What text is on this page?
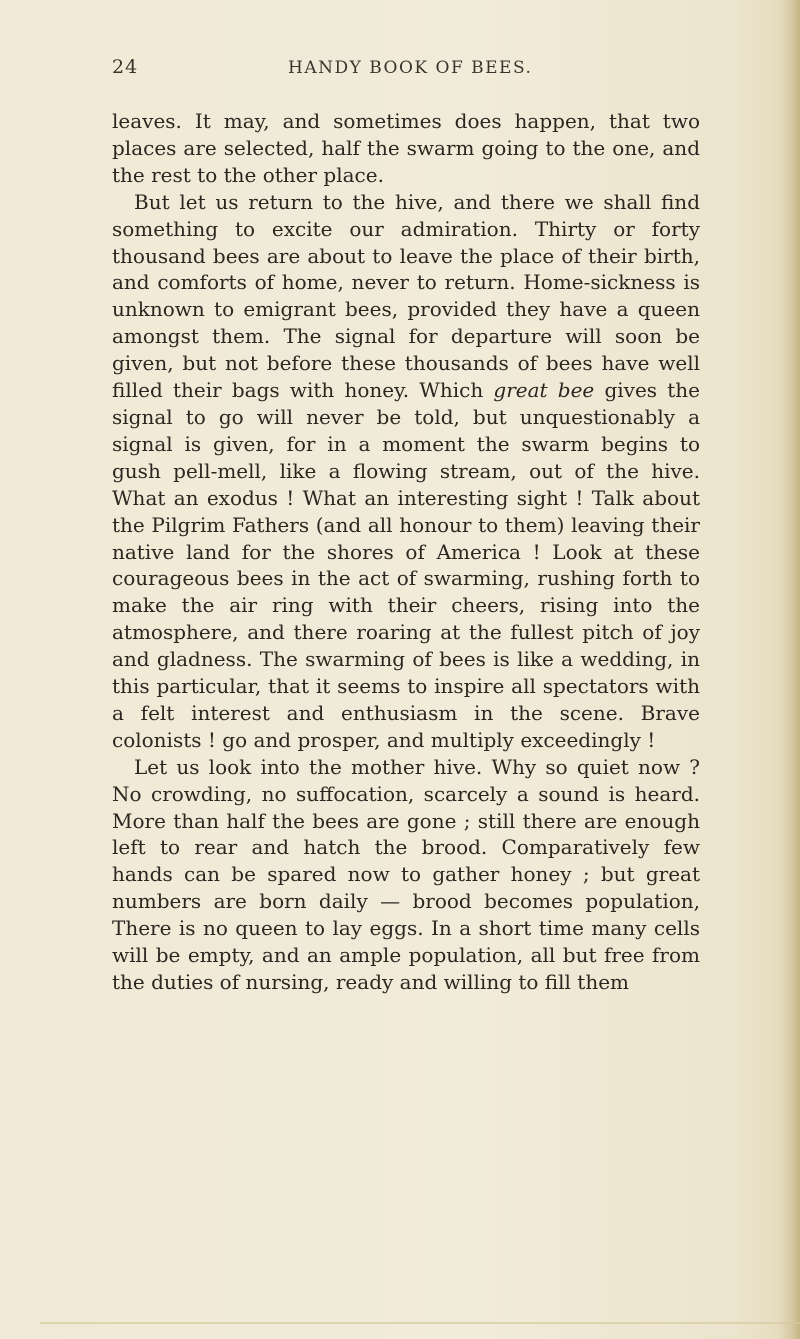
24	HANDY BOOK OF BEES.

leaves. It may, and sometimes does happen, that two places are selected, half the swarm going to the one, and the rest to the other place.

But let us return to the hive, and there we shall find something to excite our admiration. Thirty or forty thousand bees are about to leave the place of their birth, and comforts of home, never to return. Home-sickness is unknown to emigrant bees, provided they have a queen amongst them. The signal for departure will soon be given, but not before these thousands of bees have well filled their bags with honey. Which great bee gives the signal to go will never be told, but unquestionably a signal is given, for in a moment the swarm begins to gush pell-mell, like a flowing stream, out of the hive. What an exodus ! What an interesting sight ! Talk about the Pilgrim Fathers (and all honour to them) leaving their native land for the shores of America ! Look at these courageous bees in the act of swarming, rushing forth to make the air ring with their cheers, rising into the atmosphere, and there roaring at the fullest pitch of joy and gladness. The swarming of bees is like a wedding, in this particular, that it seems to inspire all spectators with a felt interest and enthusiasm in the scene. Brave colonists ! go and prosper, and multiply exceedingly !

Let us look into the mother hive. Why so quiet now ? No crowding, no suffocation, scarcely a sound is heard. More than half the bees are gone ; still there are enough left to rear and hatch the brood. Comparatively few hands can be spared now to gather honey ; but great numbers are born daily — brood becomes population, There is no queen to lay eggs. In a short time many cells will be empty, and an ample population, all but free from the duties of nursing, ready and willing to fill them
